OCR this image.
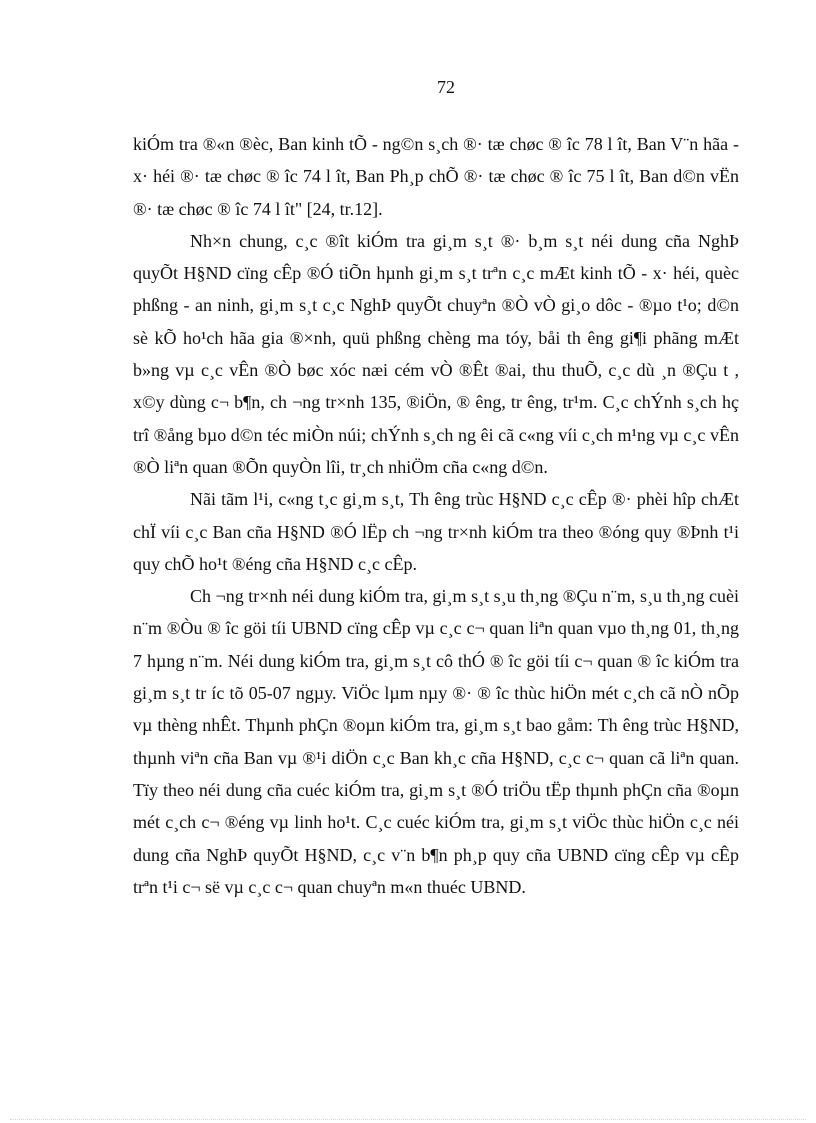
72

kiÓm tra ®«n ®èc, Ban kinh tÕ - ng©n s¸ch ®· tæ chøc ® îc 78 l ît, Ban V¨n hãa - x· héi ®· tæ chøc ® îc 74 l ît, Ban Ph¸p chÕ ®· tæ chøc ® îc 75 l ît, Ban d©n vËn ®· tæ chøc ® îc 74 l ît" [24, tr.12].

Nh×n chung, c¸c ®ît kiÓm tra gi¸m s¸t ®· b¸m s¸t néi dung cña NghÞ quyÕt H§ND cïng cÊp ®Ó tiÕn hµnh gi¸m s¸t trªn c¸c mÆt kinh tÕ - x· héi, quèc phßng - an ninh, gi¸m s¸t c¸c NghÞ quyÕt chuyªn ®Ò vÒ gi¸o dôc - ®µo t¹o; d©n sè kÕ ho¹ch hãa gia ®×nh, quü phßng chèng ma tóy, båi th êng gi¶i phãng mÆt b»ng vµ c¸c vÊn ®Ò bøc xóc næi cém vÒ ®Êt ®ai, thu thuÕ, c¸c dù ¸n ®Çu t , x©y dùng c¬ b¶n, ch ¬ng tr×nh 135, ®iÖn, ® êng, tr êng, tr¹m. C¸c chÝnh s¸ch hç trî ®ång bµo d©n téc miÒn núi; chÝnh s¸ch ng êi cã c«ng víi c¸ch m¹ng vµ c¸c vÊn ®Ò liªn quan ®Õn quyÒn lîi, tr¸ch nhiÖm cña c«ng d©n.

Nãi tãm l¹i, c«ng t¸c gi¸m s¸t, Th êng trùc H§ND c¸c cÊp ®· phèi hîp chÆt chÏ víi c¸c Ban cña H§ND ®Ó lËp ch ¬ng tr×nh kiÓm tra theo ®óng quy ®Þnh t¹i quy chÕ ho¹t ®éng cña H§ND c¸c cÊp.

Ch ¬ng tr×nh néi dung kiÓm tra, gi¸m s¸t s¸u th¸ng ®Çu n¨m, s¸u th¸ng cuèi n¨m ®Òu ® îc göi tíi UBND cïng cÊp vµ c¸c c¬ quan liªn quan vµo th¸ng 01, th¸ng 7 hµng n¨m. Néi dung kiÓm tra, gi¸m s¸t cô thÓ ® îc göi tíi c¬ quan ® îc kiÓm tra gi¸m s¸t tr íc tõ 05-07 ngµy. ViÖc lµm nµy ®· ® îc thùc hiÖn mét c¸ch cã nÒ nÕp vµ thèng nhÊt. Thµnh phÇn ®oµn kiÓm tra, gi¸m s¸t bao gåm: Th êng trùc H§ND, thµnh viªn cña Ban vµ ®¹i diÖn c¸c Ban kh¸c cña H§ND, c¸c c¬ quan cã liªn quan. Tïy theo néi dung cña cuéc kiÓm tra, gi¸m s¸t ®Ó triÖu tËp thµnh phÇn cña ®oµn mét c¸ch c¬ ®éng vµ linh ho¹t. C¸c cuéc kiÓm tra, gi¸m s¸t viÖc thùc hiÖn c¸c néi dung cña NghÞ quyÕt H§ND, c¸c v¨n b¶n ph¸p quy cña UBND cïng cÊp vµ cÊp trªn t¹i c¬ së vµ c¸c c¬ quan chuyªn m«n thuéc UBND.
